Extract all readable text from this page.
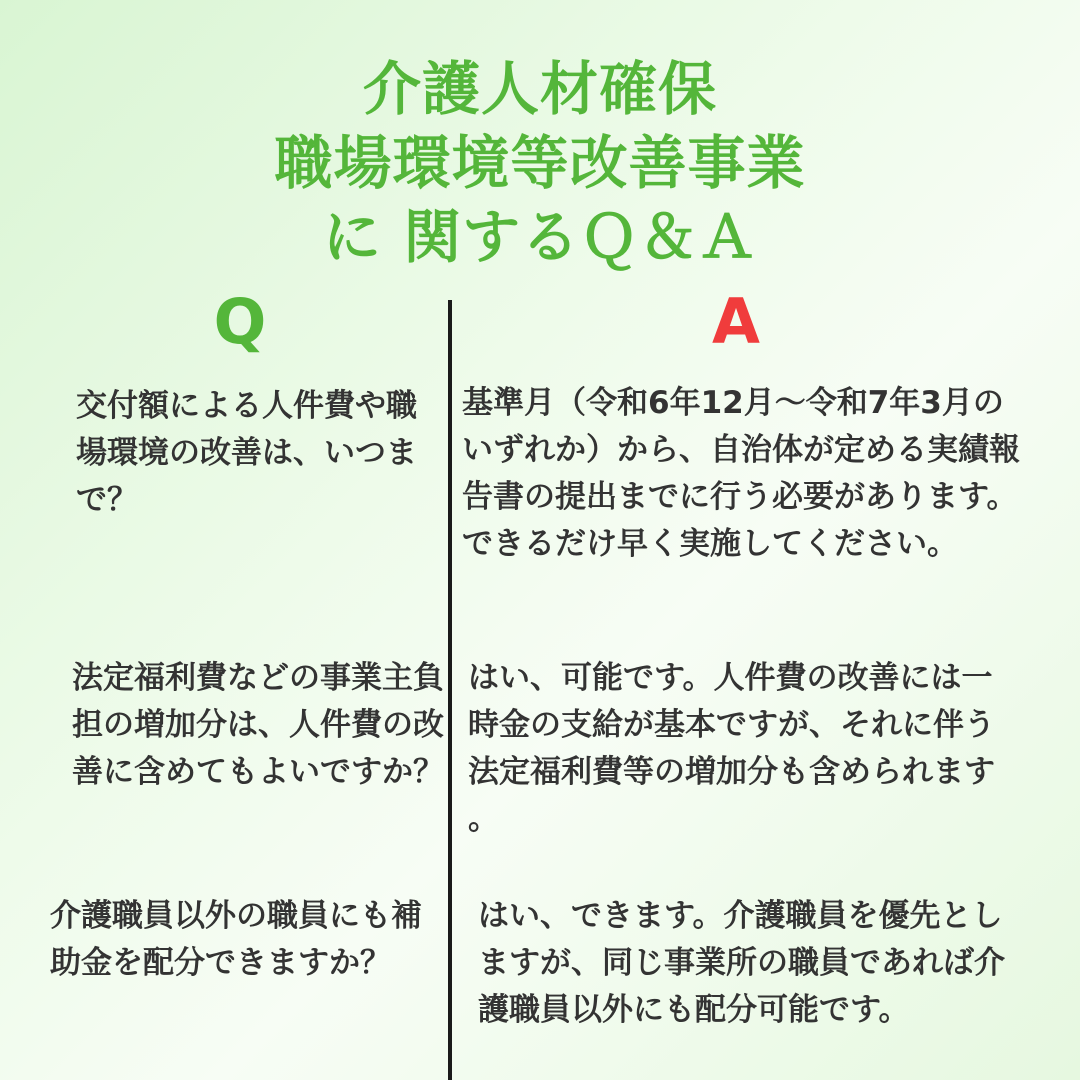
介護人材確保
職場環境等改善事業
に 関するＱ＆Ａ
Q	A
交付額による人件費や職場環境の改善は、いつまで？
基準月（令和6年12月～令和7年3月のいずれか）から、自治体が定める実績報告書の提出までに行う必要があります。できるだけ早く実施してください。
法定福利費などの事業主負担の増加分は、人件費の改善に含めてもよいですか？
はい、可能です。人件費の改善には一時金の支給が基本ですが、それに伴う法定福利費等の増加分も含められます。
介護職員以外の職員にも補助金を配分できますか？
はい、できます。介護職員を優先としますが、同じ事業所の職員であれば介護職員以外にも配分可能です。
